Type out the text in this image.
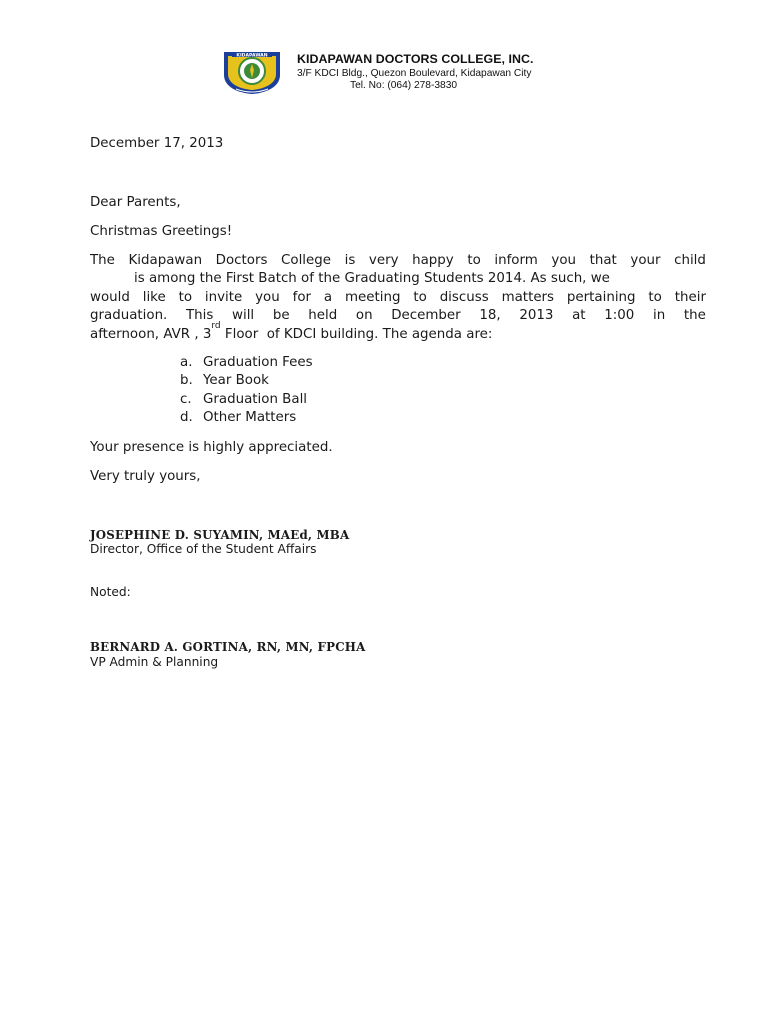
KIDAPAWAN KIDAPAWAN DOCTORS COLLEGE, INC.
3/F KDCI Bldg., Quezon Boulevard, Kidapawan City
Tel. No: (064) 278-3830
December 17, 2013
Dear Parents,
Christmas Greetings!
The Kidapawan Doctors College is very happy to inform you that your child
is among the First Batch of the Graduating Students 2014. As such, we
would like to invite you for a meeting to discuss matters pertaining to their
graduation. This will be held on December 18, 2013 at 1:00 in the
afternoon, AVR , 3
rd
Floor  of KDCI building. The agenda are:
a. Graduation Fees
b. Year Book
c. Graduation Ball
d. Other Matters
Your presence is highly appreciated.
Very truly yours,
JOSEPHINE D. SUYAMIN, MAEd, MBA
Director, Office of the Student Affairs
Noted:
BERNARD A. GORTINA, RN, MN, FPCHA
VP Admin & Planning
